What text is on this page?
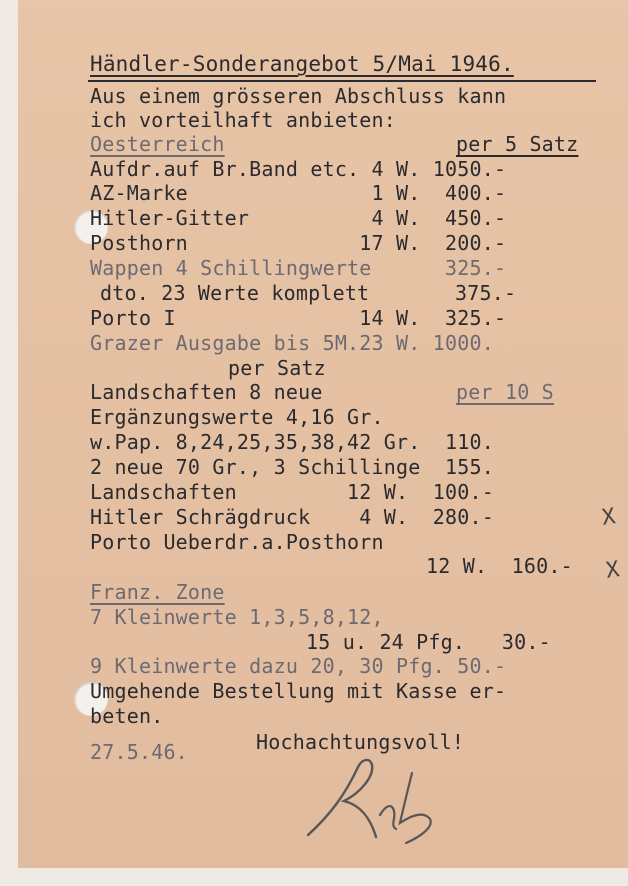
Händler-Sonderangebot 5/Mai 1946.
Aus einem grösseren Abschluss kann
ich vorteilhaft anbieten:
Oesterreich	per 5 Satz
Aufdr.auf Br.Band etc. 4 W. 1050.-
AZ-Marke               1 W.  400.-
Hitler-Gitter          4 W.  450.-
Posthorn              17 W.  200.-
Wappen 4 Schillingwerte      325.-
dto. 23 Werte komplett       375.-
Porto I               14 W.  325.-
Grazer Ausgabe bis 5M.23 W. 1000.
per Satz
Landschaften 8 neue	per 10 S
Ergänzungswerte 4,16 Gr.
w.Pap. 8,24,25,35,38,42 Gr.  110.
2 neue 70 Gr., 3 Schillinge  155.
Landschaften         12 W.  100.-
Hitler Schrägdruck    4 W.  280.-	X
Porto Ueberdr.a.Posthorn
12 W.  160.- X
Franz. Zone
7 Kleinwerte 1,3,5,8,12,
15 u. 24 Pfg.   30.-
9 Kleinwerte dazu 20, 30 Pfg. 50.-
Umgehende Bestellung mit Kasse er-
beten.
27.5.46.	Hochachtungsvoll!
